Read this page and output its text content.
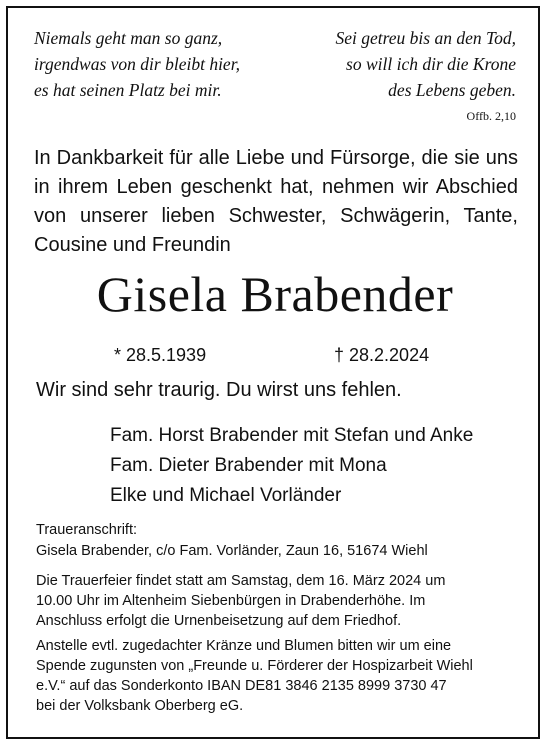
Niemals geht man so ganz,
irgendwas von dir bleibt hier,
es hat seinen Platz bei mir.
Sei getreu bis an den Tod,
so will ich dir die Krone
des Lebens geben.
Offb. 2,10
In Dankbarkeit für alle Liebe und Fürsorge, die sie uns in ihrem Leben geschenkt hat, nehmen wir Abschied von unserer lieben Schwester, Schwägerin, Tante, Cousine und Freundin
Gisela Brabender
* 28.5.1939	† 28.2.2024
Wir sind sehr traurig. Du wirst uns fehlen.
Fam. Horst Brabender mit Stefan und Anke
Fam. Dieter Brabender mit Mona
Elke und Michael Vorländer
Traueranschrift:
Gisela Brabender, c/o Fam. Vorländer, Zaun 16, 51674 Wiehl
Die Trauerfeier findet statt am Samstag, dem 16. März 2024 um
10.00 Uhr im Altenheim Siebenbürgen in Drabenderhöhe. Im
Anschluss erfolgt die Urnenbeisetzung auf dem Friedhof.
Anstelle evtl. zugedachter Kränze und Blumen bitten wir um eine
Spende zugunsten von „Freunde u. Förderer der Hospizarbeit Wiehl
e.V.“ auf das Sonderkonto IBAN DE81 3846 2135 8999 3730 47
bei der Volksbank Oberberg eG.
